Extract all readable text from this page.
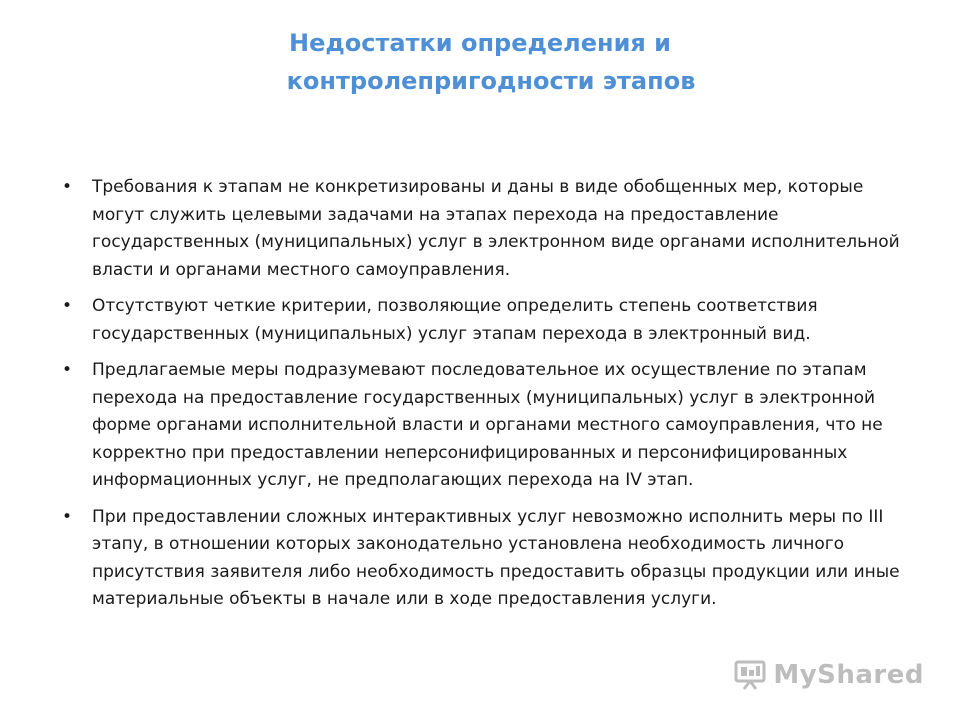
Недостатки определения и
контролепригодности этапов
• Требования к этапам не конкретизированы и даны в виде обобщенных мер, которые могут служить целевыми задачами на этапах перехода на предоставление государственных (муниципальных) услуг в электронном виде органами исполнительной власти и органами местного самоуправления.
• Отсутствуют четкие критерии, позволяющие определить степень соответствия государственных (муниципальных) услуг этапам перехода в электронный вид.
• Предлагаемые меры подразумевают последовательное их осуществление по этапам перехода на предоставление государственных (муниципальных) услуг в электронной форме органами исполнительной власти и органами местного самоуправления, что не корректно при предоставлении неперсонифицированных и персонифицированных информационных услуг, не предполагающих перехода на IV этап.
• При предоставлении сложных интерактивных услуг невозможно исполнить меры по III этапу, в отношении которых законодательно установлена необходимость личного присутствия заявителя либо необходимость предоставить образцы продукции или иные материальные объекты в начале или в ходе предоставления услуги.
MyShared
